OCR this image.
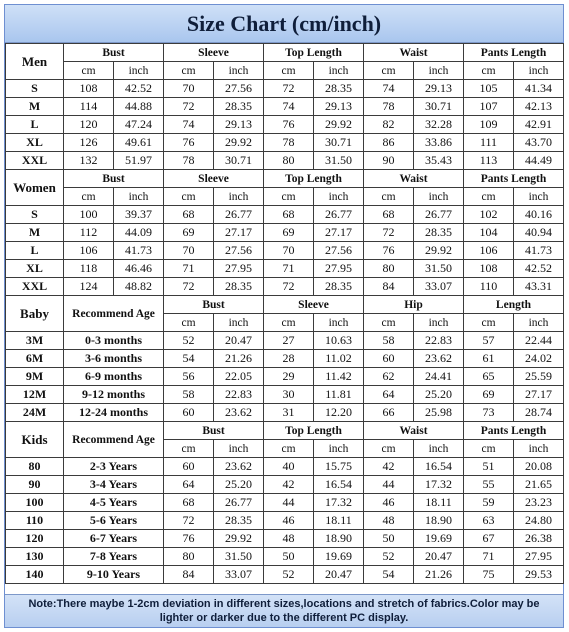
Size Chart (cm/inch)
Men	Bust		Sleeve		Top Length		Waist		Pants Length	
	cm	inch	cm	inch	cm	inch	cm	inch	cm	inch
S	108	42.52	70	27.56	72	28.35	74	29.13	105	41.34
M	114	44.88	72	28.35	74	29.13	78	30.71	107	42.13
L	120	47.24	74	29.13	76	29.92	82	32.28	109	42.91
XL	126	49.61	76	29.92	78	30.71	86	33.86	111	43.70
XXL	132	51.97	78	30.71	80	31.50	90	35.43	113	44.49
Women	Bust		Sleeve		Top Length		Waist		Pants Length	
	cm	inch	cm	inch	cm	inch	cm	inch	cm	inch
S	100	39.37	68	26.77	68	26.77	68	26.77	102	40.16
M	112	44.09	69	27.17	69	27.17	72	28.35	104	40.94
L	106	41.73	70	27.56	70	27.56	76	29.92	106	41.73
XL	118	46.46	71	27.95	71	27.95	80	31.50	108	42.52
XXL	124	48.82	72	28.35	72	28.35	84	33.07	110	43.31
Baby	Recommend Age		Bust		Sleeve		Hip		Length	
			cm	inch	cm	inch	cm	inch	cm	inch
3M	0-3 months		52	20.47	27	10.63	58	22.83	57	22.44
6M	3-6 months		54	21.26	28	11.02	60	23.62	61	24.02
9M	6-9 months		56	22.05	29	11.42	62	24.41	65	25.59
12M	9-12 months		58	22.83	30	11.81	64	25.20	69	27.17
24M	12-24 months		60	23.62	31	12.20	66	25.98	73	28.74
Kids	Recommend Age		Bust		Top Length		Waist		Pants Length	
			cm	inch	cm	inch	cm	inch	cm	inch
80	2-3 Years		60	23.62	40	15.75	42	16.54	51	20.08
90	3-4 Years		64	25.20	42	16.54	44	17.32	55	21.65
100	4-5 Years		68	26.77	44	17.32	46	18.11	59	23.23
110	5-6 Years		72	28.35	46	18.11	48	18.90	63	24.80
120	6-7 Years		76	29.92	48	18.90	50	19.69	67	26.38
130	7-8 Years		80	31.50	50	19.69	52	20.47	71	27.95
140	9-10 Years		84	33.07	52	20.47	54	21.26	75	29.53
Note:There maybe 1-2cm deviation in different sizes,locations and stretch of fabrics.Color may be lighter or darker due to the different PC display.
